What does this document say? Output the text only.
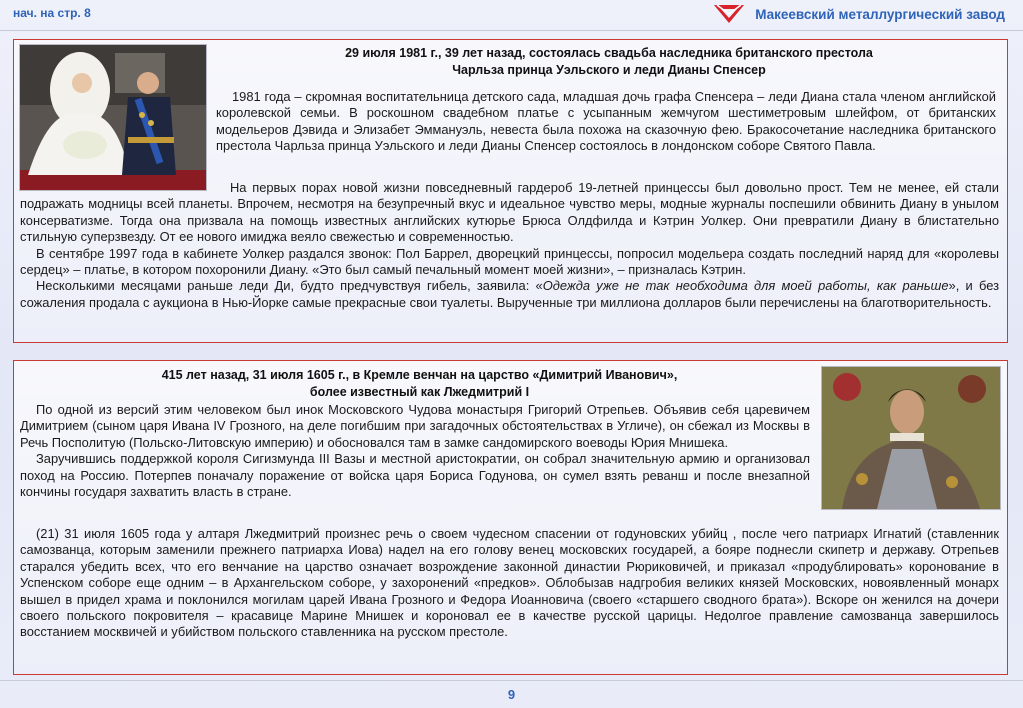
нач. на стр. 8	Макеевский металлургический завод
29 июля 1981 г., 39 лет назад, состоялась свадьба наследника британского престола
Чарльза принца Уэльского и леди Дианы Спенсер

1981 года – скромная воспитательница детского сада, младшая дочь графа Спенсера – леди Диана стала членом английской королевской семьи. В роскошном свадебном платье с усыпанным жемчугом шестиметровым шлейфом, от британских модельеров Дэвида и Элизабет Эммануэль, невеста была похожа на сказочную фею. Бракосочетание наследника британского престола Чарльза принца Уэльского и леди Дианы Спенсер состоялось в лондонском соборе Святого Павла.

На первых порах новой жизни повседневный гардероб 19-летней принцессы был довольно прост. Тем не менее, ей стали подражать модницы всей планеты. Впрочем, несмотря на безупречный вкус и идеальное чувство меры, модные журналы поспешили обвинить Диану в унылом консерватизме. Тогда она призвала на помощь известных английских кутюрье Брюса Олдфилда и Кэтрин Уолкер. Они превратили Диану в блистательно стильную суперзвезду. От ее нового имиджа веяло свежестью и современностью.

В сентябре 1997 года в кабинете Уолкер раздался звонок: Пол Баррел, дворецкий принцессы, попросил модельера создать последний наряд для «королевы сердец» – платье, в котором похоронили Диану. «Это был самый печальный момент моей жизни», – призналась Кэтрин.

Несколькими месяцами раньше леди Ди, будто предчувствуя гибель, заявила: «Одежда уже не так необходима для моей работы, как раньше», и без сожаления продала с аукциона в Нью-Йорке самые прекрасные свои туалеты. Вырученные три миллиона долларов были перечислены на благотворительность.

415 лет назад, 31 июля 1605 г., в Кремле венчан на царство «Димитрий Иванович»,
более известный как Лжедмитрий I

По одной из версий этим человеком был инок Московского Чудова монастыря Григорий Отрепьев. Объявив себя царевичем Димитрием (сыном царя Ивана IV Грозного, на деле погибшим при загадочных обстоятельствах в Угличе), он сбежал из Москвы в Речь Посполитую (Польско-Литовскую империю) и обосновался там в замке сандомирского воеводы Юрия Мнишека.

Заручившись поддержкой короля Сигизмунда III Вазы и местной аристократии, он собрал значительную армию и организовал поход на Россию. Потерпев поначалу поражение от войска царя Бориса Годунова, он сумел взять реванш и после внезапной кончины государя захватить власть в стране.

(21) 31 июля 1605 года у алтаря Лжедмитрий произнес речь о своем чудесном спасении от годуновских убийц , после чего патриарх Игнатий (ставленник самозванца, которым заменили прежнего патриарха Иова) надел на его голову венец московских государей, а бояре поднесли скипетр и державу. Отрепьев старался убедить всех, что его венчание на царство означает возрождение законной династии Рюриковичей, и приказал «продублировать» коронование в Успенском соборе еще одним – в Архангельском соборе, у захоронений «предков». Облобызав надгробия великих князей Московских, новоявленный монарх вышел в придел храма и поклонился могилам царей Ивана Грозного и Федора Иоанновича (своего «старшего сводного брата»). Вскоре он женился на дочери своего польского покровителя – красавице Марине Мнишек и короновал ее в качестве русской царицы. Недолгое правление самозванца завершилось восстанием москвичей и убийством польского ставленника на русском престоле.

9
